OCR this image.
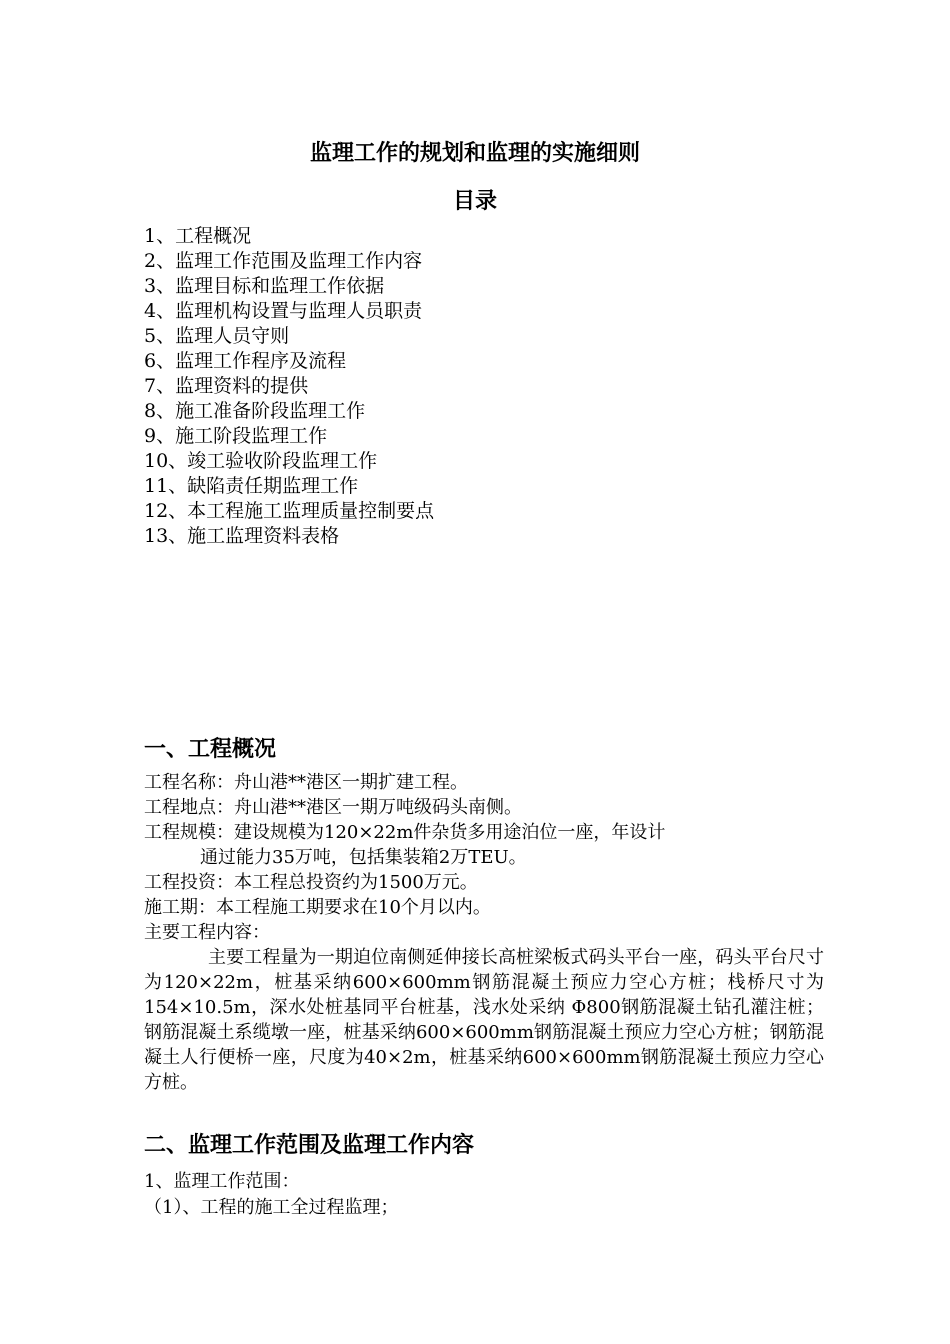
监理工作的规划和监理的实施细则
目录
1、工程概况
2、监理工作范围及监理工作内容
3、监理目标和监理工作依据
4、监理机构设置与监理人员职责
5、监理人员守则
6、监理工作程序及流程
7、监理资料的提供
8、施工准备阶段监理工作
9、施工阶段监理工作
10、竣工验收阶段监理工作
11、缺陷责任期监理工作
12、本工程施工监理质量控制要点
13、施工监理资料表格
一、工程概况
工程名称：舟山港**港区一期扩建工程。
工程地点：舟山港**港区一期万吨级码头南侧。
工程规模：建设规模为120×22m件杂货多用途泊位一座，年设计
通过能力35万吨，包括集装箱2万TEU。
工程投资：本工程总投资约为1500万元。
施工期：本工程施工期要求在10个月以内。
主要工程内容：
主要工程量为一期迫位南侧延伸接长高桩梁板式码头平台一座，码头平台尺寸为120×22m，桩基采纳600×600mm钢筋混凝土预应力空心方桩；栈桥尺寸为154×10.5m，深水处桩基同平台桩基，浅水处采纳 Φ800钢筋混凝土钻孔灌注桩；钢筋混凝土系缆墩一座，桩基采纳600×600mm钢筋混凝土预应力空心方桩；钢筋混凝土人行便桥一座，尺度为40×2m，桩基采纳600×600mm钢筋混凝土预应力空心方桩。
二、监理工作范围及监理工作内容
1、监理工作范围：
（1）、工程的施工全过程监理；
